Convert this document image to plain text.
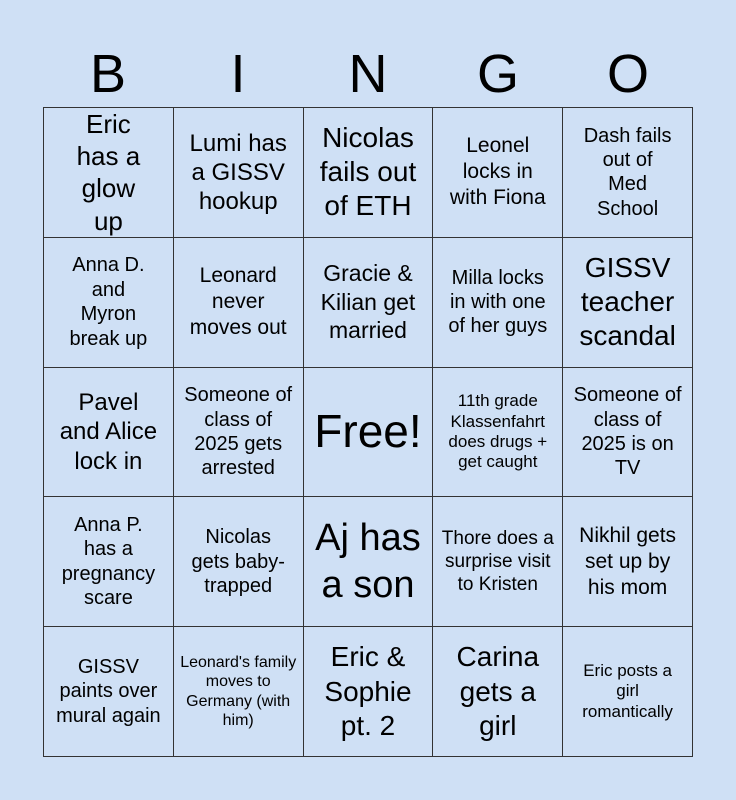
B	I	N	G	O
Eric has a glow up
Lumi has a GISSV hookup
Nicolas fails out of ETH
Leonel locks in with Fiona
Dash fails out of Med School
Anna D. and Myron break up
Leonard never moves out
Gracie & Kilian get married
Milla locks in with one of her guys
GISSV teacher scandal
Pavel and Alice lock in
Someone of class of 2025 gets arrested
Free!
11th grade Klassenfahrt does drugs + get caught
Someone of class of 2025 is on TV
Anna P. has a pregnancy scare
Nicolas gets baby-trapped
Aj has a son
Thore does a surprise visit to Kristen
Nikhil gets set up by his mom
GISSV paints over mural again
Leonard's family moves to Germany (with him)
Eric & Sophie pt. 2
Carina gets a girl
Eric posts a girl romantically
